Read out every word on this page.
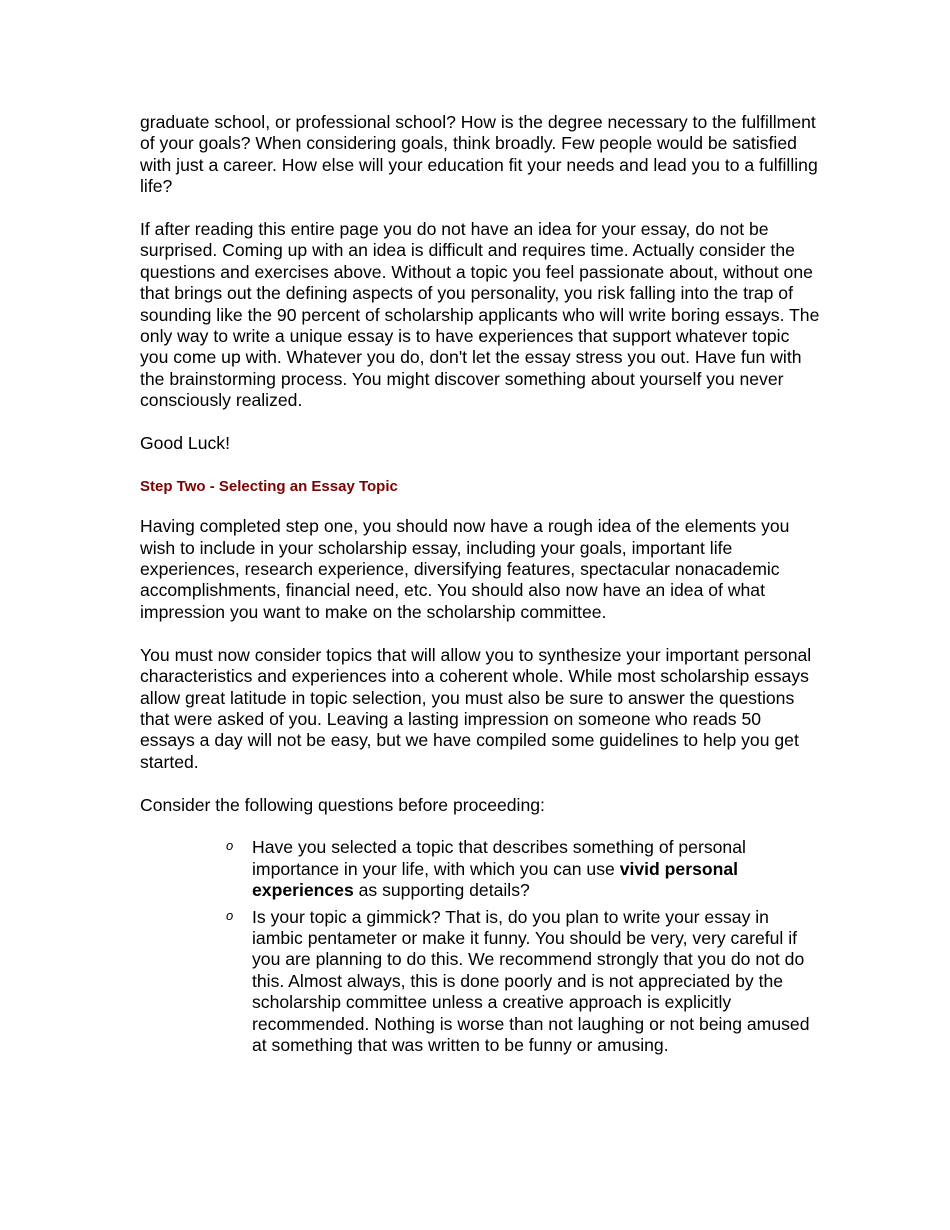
graduate school, or professional school? How is the degree necessary to the fulfillment of your goals? When considering goals, think broadly. Few people would be satisfied with just a career. How else will your education fit your needs and lead you to a fulfilling life?

If after reading this entire page you do not have an idea for your essay, do not be surprised. Coming up with an idea is difficult and requires time. Actually consider the questions and exercises above. Without a topic you feel passionate about, without one that brings out the defining aspects of you personality, you risk falling into the trap of sounding like the 90 percent of scholarship applicants who will write boring essays. The only way to write a unique essay is to have experiences that support whatever topic you come up with. Whatever you do, don't let the essay stress you out. Have fun with the brainstorming process. You might discover something about yourself you never consciously realized.

Good Luck!

Step Two - Selecting an Essay Topic

Having completed step one, you should now have a rough idea of the elements you wish to include in your scholarship essay, including your goals, important life experiences, research experience, diversifying features, spectacular nonacademic accomplishments, financial need, etc. You should also now have an idea of what impression you want to make on the scholarship committee.

You must now consider topics that will allow you to synthesize your important personal characteristics and experiences into a coherent whole. While most scholarship essays allow great latitude in topic selection, you must also be sure to answer the questions that were asked of you. Leaving a lasting impression on someone who reads 50 essays a day will not be easy, but we have compiled some guidelines to help you get started.

Consider the following questions before proceeding:

o Have you selected a topic that describes something of personal importance in your life, with which you can use vivid personal experiences as supporting details?
o Is your topic a gimmick? That is, do you plan to write your essay in iambic pentameter or make it funny. You should be very, very careful if you are planning to do this. We recommend strongly that you do not do this. Almost always, this is done poorly and is not appreciated by the scholarship committee unless a creative approach is explicitly recommended. Nothing is worse than not laughing or not being amused at something that was written to be funny or amusing.
